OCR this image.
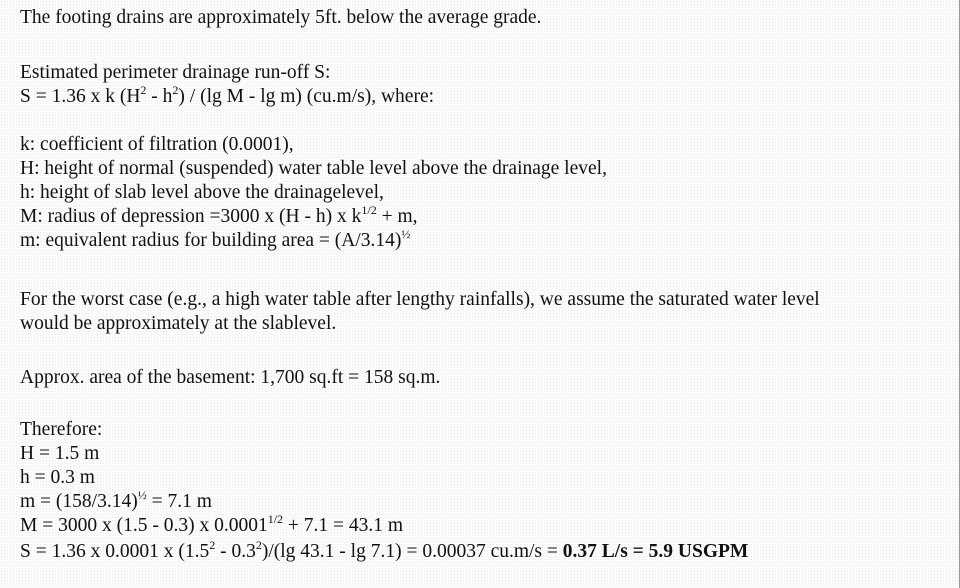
The footing drains are approximately 5ft. below the average grade.
Estimated perimeter drainage run-off S:
S = 1.36 x k $(H^2 - h^2) / (\lg$ M - lg m) (cu.m/s), where:
k: coefficient of filtration (0.0001),
H: height of normal (suspended) water table level above the drainage level,
h: height of slab level above the drainagelevel,
M: radius of depression =3000 x (H - h) x $k^{1/2} + m$,
m: equivalent radius for building area = $(A/3.14)^{\frac{1}{2}}$
For the worst case (e.g., a high water table after lengthy rainfalls), we assume the saturated water level
would be approximately at the slablevel.
Approx. area of the basement: 1,700 sq.ft = 158 sq.m.
Therefore:
H = 1.5 m
h = 0.3 m
$m = (158/3.14)^{\frac{1}{2}} = 7.1$ m
M = 3000 x (1.5 - 0.3) x $0.0001^{1/2} + 7.1 = 43.1$ m
S = 1.36 x 0.0001 x $(1.5^2 - 0.3^2)/(\lg$ 43.1 - lg 7.1) = 0.00037 cu.m/s = 0.37 L/s = 5.9 USGPM
